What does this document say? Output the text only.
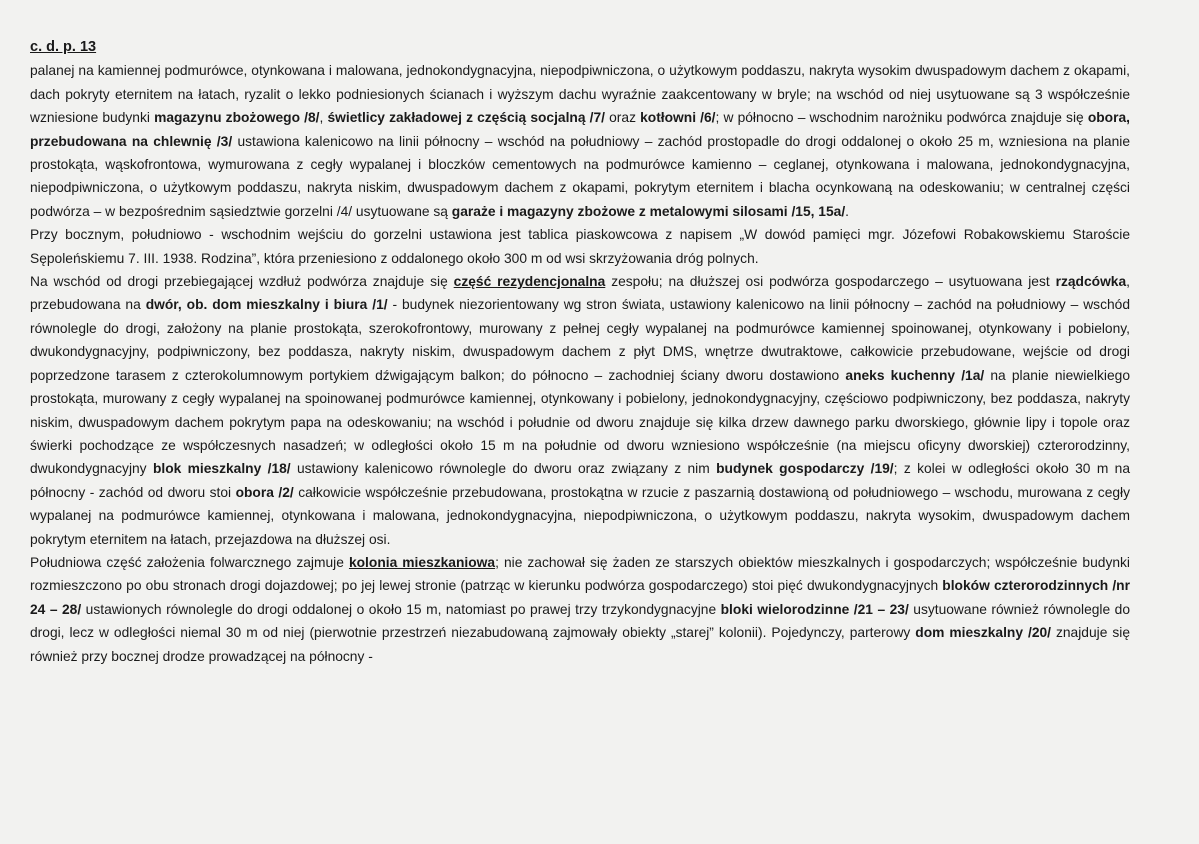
c. d. p. 13

palanej na kamiennej podmurówce, otynkowana i malowana, jednokondygnacyjna, niepodpiwniczona, o użytkowym poddaszu, nakryta wysokim dwuspadowym dachem z okapami, dach pokryty eternitem na łatach, ryzalit o lekko podniesionych ścianach i wyższym dachu wyraźnie zaakcentowany w bryle; na wschód od niej usytuowane są 3 współcześnie wzniesione budynki magazynu zbożowego /8/, świetlicy zakładowej z częścią socjalną /7/ oraz kotłowni /6/; w północno – wschodnim narożniku podwórca znajduje się obora, przebudowana na chlewnię /3/ ustawiona kalenicowo na linii północny – wschód na południowy – zachód prostopadle do drogi oddalonej o około 25 m, wzniesiona na planie prostokąta, wąskofrontowa, wymurowana z cegły wypalanej i bloczków cementowych na podmurówce kamienno – ceglanej, otynkowana i malowana, jednokondygnacyjna, niepodpiwniczona, o użytkowym poddaszu, nakryta niskim, dwuspadowym dachem z okapami, pokrytym eternitem i blacha ocynkowaną na odeskowaniu; w centralnej części podwórza – w bezpośrednim sąsiedztwie gorzelni /4/ usytuowane są garaże i magazyny zbożowe z metalowymi silosami /15, 15a/.

Przy bocznym, południowo - wschodnim wejściu do gorzelni ustawiona jest tablica piaskowcowa z napisem „W dowód pamięci mgr. Józefowi Robakowskiemu Staroście Sępoleńskiemu 7. III. 1938. Rodzina”, która przeniesiono z oddalonego około 300 m od wsi skrzyżowania dróg polnych.

Na wschód od drogi przebiegającej wzdłuż podwórza znajduje się część rezydencjonalna zespołu; na dłuższej osi podwórza gospodarczego – usytuowana jest rządcówka, przebudowana na dwór, ob. dom mieszkalny i biura /1/ - budynek niezorientowany wg stron świata, ustawiony kalenicowo na linii północny – zachód na południowy – wschód równolegle do drogi, założony na planie prostokąta, szerokofrontowy, murowany z pełnej cegły wypalanej na podmurówce kamiennej spoinowanej, otynkowany i pobielony, dwukondygnacyjny, podpiwniczony, bez poddasza, nakryty niskim, dwuspadowym dachem z płyt DMS, wnętrze dwutraktowe, całkowicie przebudowane, wejście od drogi poprzedzone tarasem z czterokolumnowym portykiem dźwigającym balkon; do północno – zachodniej ściany dworu dostawiono aneks kuchenny /1a/ na planie niewielkiego prostokąta, murowany z cegły wypalanej na spoinowanej podmurówce kamiennej, otynkowany i pobielony, jednokondygnacyjny, częściowo podpiwniczony, bez poddasza, nakryty niskim, dwuspadowym dachem pokrytym papa na odeskowaniu; na wschód i południe od dworu znajduje się kilka drzew dawnego parku dworskiego, głównie lipy i topole oraz świerki pochodzące ze współczesnych nasadzeń; w odległości około 15 m na południe od dworu wzniesiono współcześnie (na miejscu oficyny dworskiej) czterorodzinny, dwukondygnacyjny blok mieszkalny /18/ ustawiony kalenicowo równolegle do dworu oraz związany z nim budynek gospodarczy /19/; z kolei w odległości około 30 m na północny - zachód od dworu stoi obora /2/ całkowicie współcześnie przebudowana, prostokątna w rzucie z paszarnią dostawioną od południowego – wschodu, murowana z cegły wypalanej na podmurówce kamiennej, otynkowana i malowana, jednokondygnacyjna, niepodpiwniczona, o użytkowym poddaszu, nakryta wysokim, dwuspadowym dachem pokrytym eternitem na łatach, przejazdowa na dłuższej osi.

Południowa część założenia folwarcznego zajmuje kolonia mieszkaniowa; nie zachował się żaden ze starszych obiektów mieszkalnych i gospodarczych; współcześnie budynki rozmieszczono po obu stronach drogi dojazdowej; po jej lewej stronie (patrząc w kierunku podwórza gospodarczego) stoi pięć dwukondygnacyjnych bloków czterorodzinnych /nr 24 – 28/ ustawionych równolegle do drogi oddalonej o około 15 m, natomiast po prawej trzy trzykondygnacyjne bloki wielorodzinne /21 – 23/ usytuowane również równolegle do drogi, lecz w odległości niemal 30 m od niej (pierwotnie przestrzeń niezabudowaną zajmowały obiekty „starej” kolonii). Pojedynczy, parterowy dom mieszkalny /20/ znajduje się również przy bocznej drodze prowadzącej na północny -
